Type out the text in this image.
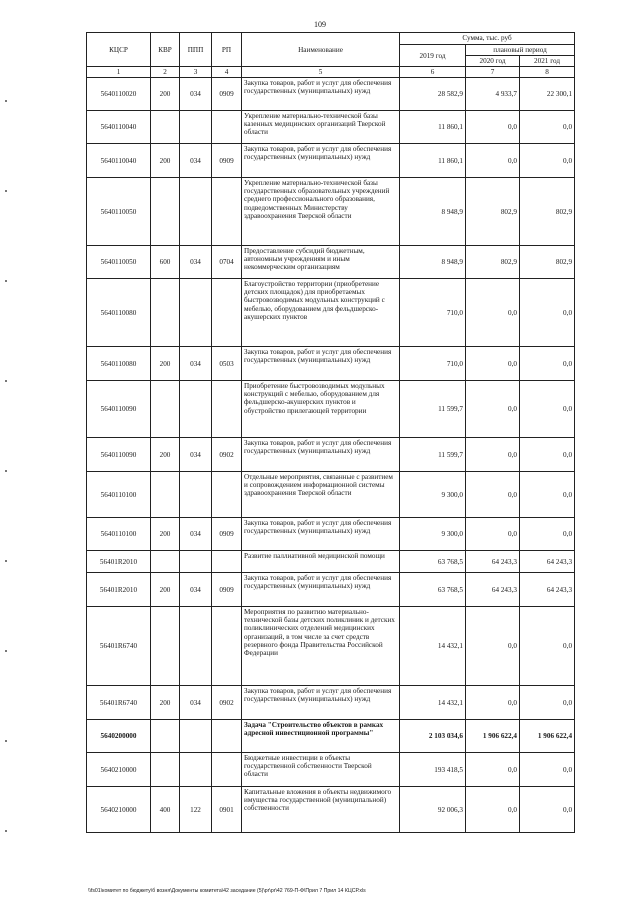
109
КЦСР	КВР	ППП	РП	Наименование	Сумма, тыс. руб		
					2019 год	плановый период	
						2020 год	2021 год
1	2	3	4	5	6	7	8
5640110020	200	034	0909	Закупка товаров, работ и услуг для обеспечения государственных (муниципальных) нужд	28 582,9	4 933,7	22 300,1
5640110040				Укрепление материально-технической базы казенных медицинских организаций Тверской области	11 860,1	0,0	0,0
5640110040	200	034	0909	Закупка товаров, работ и услуг для обеспечения государственных (муниципальных) нужд	11 860,1	0,0	0,0
5640110050				Укрепление материально-технической базы государственных образовательных учреждений среднего профессионального образования, подведомственных Министерству здравоохранения Тверской области	8 948,9	802,9	802,9
5640110050	600	034	0704	Предоставление субсидий бюджетным, автономным учреждениям и иным некоммерческим организациям	8 948,9	802,9	802,9
5640110080				Благоустройство территории (приобретение детских площадок) для приобретаемых быстровозводимых модульных конструкций с мебелью, оборудованием для фельдшерско-акушерских пунктов	710,0	0,0	0,0
5640110080	200	034	0503	Закупка товаров, работ и услуг для обеспечения государственных (муниципальных) нужд	710,0	0,0	0,0
5640110090				Приобретение быстровозводимых модульных конструкций с мебелью, оборудованием для фельдшерско-акушерских пунктов и обустройство прилегающей территории	11 599,7	0,0	0,0
5640110090	200	034	0902	Закупка товаров, работ и услуг для обеспечения государственных (муниципальных) нужд	11 599,7	0,0	0,0
5640110100				Отдельные мероприятия, связанные с развитием и сопровождением информационной системы здравоохранения Тверской области	9 300,0	0,0	0,0
5640110100	200	034	0909	Закупка товаров, работ и услуг для обеспечения государственных (муниципальных) нужд	9 300,0	0,0	0,0
56401R2010				Развитие паллиативной медицинской помощи	63 768,5	64 243,3	64 243,3
56401R2010	200	034	0909	Закупка товаров, работ и услуг для обеспечения государственных (муниципальных) нужд	63 768,5	64 243,3	64 243,3
56401R6740				Мероприятия по развитию материально-технической базы детских поликлиник и детских поликлинических отделений медицинских организаций, в том числе за счет средств резервного фонда Правительства Российской Федерации	14 432,1	0,0	0,0
56401R6740	200	034	0902	Закупка товаров, работ и услуг для обеспечения государственных (муниципальных) нужд	14 432,1	0,0	0,0
5640200000				Задача "Строительство объектов в рамках адресной инвестиционной программы"	2 103 034,6	1 906 622,4	1 906 622,4
5640210000				Бюджетные инвестиции в объекты государственной собственности Тверской области	193 418,5	0,0	0,0
5640210000	400	122	0901	Капитальные вложения в объекты недвижимого имущества государственной (муниципальной) собственности	92 006,3	0,0	0,0
\\fs01\комитет по бюджету\б возня\Документы комитета\42 заседание (5)\pr\pr\42 769-П-Ф\Прил 7 Прил 14 КЦСР.xls
